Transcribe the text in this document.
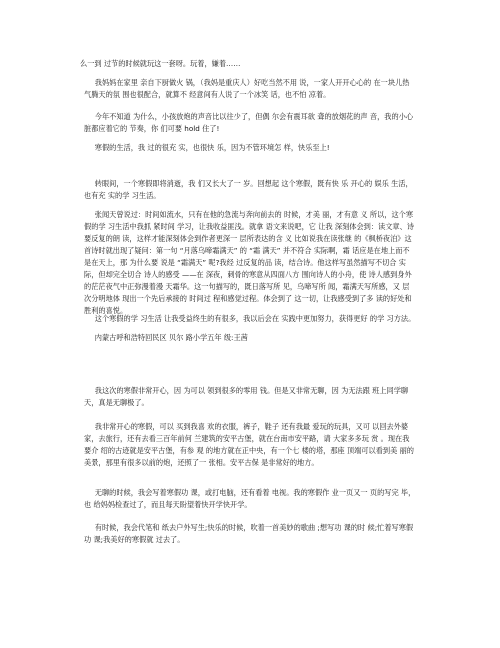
么一到 过节的时候就玩这一套呀。玩着，嫌着……

我妈妈在家里 亲自下厨做火 锅，（我妈是重庆人）好吃当然不用 说，一家人开开心心的 在一块儿热气腾天的氛 围也很配合，就算不 经意间有人说了一个冰笑 话，也不怕 凉着。

今年不知道 为什么，小孩放炮的声音比以往少了，但偶 尔会有震耳欲 聋的放烟花的声 音，我的小心 脏都应着它的 节奏，你 们可要 hold 住了!

寒假的生活，我 过的很充 实，也很快 乐，因为不管环境怎 样，快乐至上!

转眼间，一个寒假即将消逝，我 们又长大了一 岁。回想起 这个寒假，既有快 乐 开心的 娱乐 生活，也有充 实的学 习生活。

张闻天曾说过：时间如流水，只有在他的急流与奔向前去的 时候，才美 丽，才有意 义 所以，这个寒假的学 习生活中我抓 紧时间 学习，让我收益匪浅。就拿 语文来说吧，它 让我 深刻体会到：读文章、诗要反复的朗 读，这样才能深刻体会到作者更深一 层所表达的含 义 比如说我在读张继 的《枫桥夜泊》这首诗时就出现了疑问：第一句 “月落乌啼霜满天” 的 “霜 满天” 并不符合 实际啊，霜 话应是在地上而不是在天上，那 为什么要 说是 “霜满天” 呢?我经 过反复的品 读，结合诗。他这样写虽然描写不切合 实际，但却完全切合 诗人的感受 ——在 深夜，刺骨的寒意从四面八方 围向诗人的小舟，使 诗人感到身外的茫茫夜气中正弥漫着漫 天霜华。这一句描写的，既日落写所 见，乌啼写所 闻，霜满天写所感，又 层次分明地体 现出一个先后承接的 时间过 程和感觉过程。体会到了 这一切，让我感受到了多 读的好处和 胜利的喜悦。

这个寒假的学 习生活 让我受益终生的有很多，我以后会在 实践中更加努力，获得更好 的学 习方法。

内蒙古呼和浩特回民区 贝尔 路小学五年 级:王茜

我这次的寒假非常开心，因 为可以 领到很多的零用 钱。但是又非常无聊，因 为无法跟 班上同学聊天，真是无聊极了。

我非常开心的寒假，可以 买到我喜 欢的衣服，裤子，鞋子 还有我最 爱玩的玩具，又可 以回去外婆家，去旅行，还有去看三百年前何 兰建筑的安平古堡，就在台南市安平路，请 大家多多玩 赏 。现在我要介 绍的古迹就是安平古堡，有参 观 的地方就在正中央，有一个七 楼的塔，那座 顶端可以看到美 丽的美景，那里有很多以前的炮，还照了一 张相。安平古保 是非常好的地方。

无聊的时候，我会写着寒假功 课，或打电脑，还有看着 电视。我的寒假作 业一页又一 页的写完 毕，也 给妈妈检查过了，而且每天盼望着快开学快开学。

有时候，我会代笔和 纸去户外写生;快乐的时候，吹着一首美妙的歌曲 ;想写功 课的时 候;忙着写寒假功 课;我美好的寒假就 过去了。
